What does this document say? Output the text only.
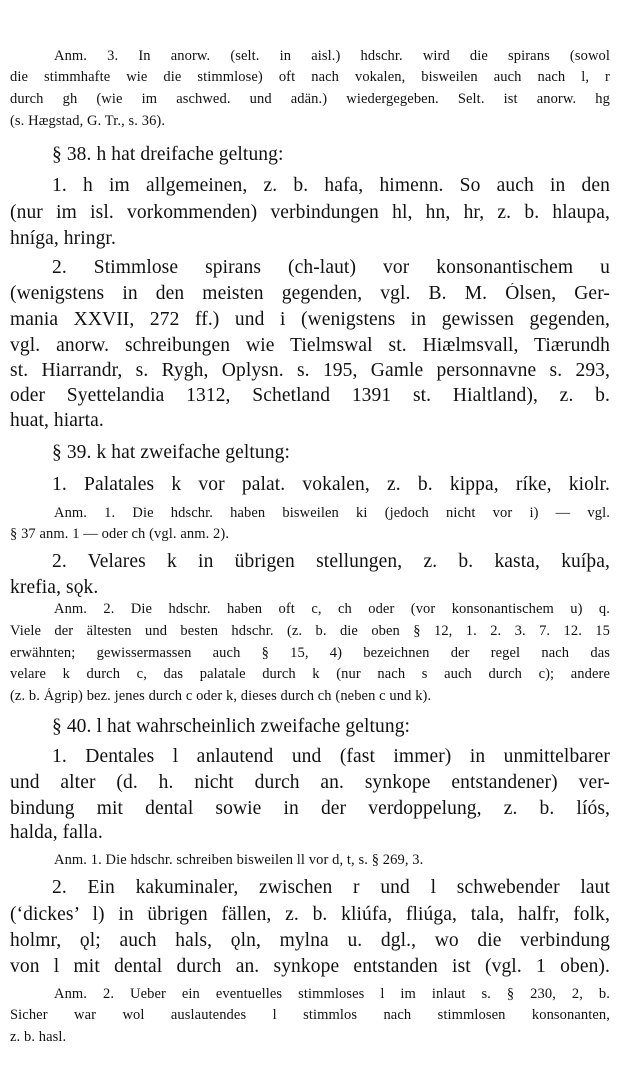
Anm. 3. In anorw. (selt. in aisl.) hdschr. wird die spirans (sowol
die stimmhafte wie die stimmlose) oft nach vokalen, bisweilen auch nach l, r
durch gh (wie im aschwed. und adän.) wiedergegeben. Selt. ist anorw. hg
(s. Hægstad, G. Tr., s. 36).
§ 38. h hat dreifache geltung:
1. h im allgemeinen, z. b. hafa, himenn. So auch in den
(nur im isl. vorkommenden) verbindungen hl, hn, hr, z. b. hlaupa,
hníga, hringr.
2. Stimmlose spirans (ch-laut) vor konsonantischem u
(wenigstens in den meisten gegenden, vgl. B. M. Ólsen, Ger-
mania XXVII, 272 ff.) und i (wenigstens in gewissen gegenden,
vgl. anorw. schreibungen wie Tielmswal st. Hiælmsvall, Tiærundh
st. Hiarrandr, s. Rygh, Oplysn. s. 195, Gamle personnavne s. 293,
oder Syettelandia 1312, Schetland 1391 st. Hialtland), z. b.
huat, hiarta.
§ 39. k hat zweifache geltung:
1. Palatales k vor palat. vokalen, z. b. kippa, ríke, kiolr.
Anm. 1. Die hdschr. haben bisweilen ki (jedoch nicht vor i) — vgl.
§ 37 anm. 1 — oder ch (vgl. anm. 2).
2. Velares k in übrigen stellungen, z. b. kasta, kuíþa,
krefia, sǫk.
Anm. 2. Die hdschr. haben oft c, ch oder (vor konsonantischem u) q.
Viele der ältesten und besten hdschr. (z. b. die oben § 12, 1. 2. 3. 7. 12. 15
erwähnten; gewissermassen auch § 15, 4) bezeichnen der regel nach das
velare k durch c, das palatale durch k (nur nach s auch durch c); andere
(z. b. Ágrip) bez. jenes durch c oder k, dieses durch ch (neben c und k).
§ 40. l hat wahrscheinlich zweifache geltung:
1. Dentales l anlautend und (fast immer) in unmittelbarer
und alter (d. h. nicht durch an. synkope entstandener) ver-
bindung mit dental sowie in der verdoppelung, z. b. líós,
halda, falla.
Anm. 1. Die hdschr. schreiben bisweilen ll vor d, t, s. § 269, 3.
2. Ein kakuminaler, zwischen r und l schwebender laut
(‘dickes’ l) in übrigen fällen, z. b. kliúfa, fliúga, tala, halfr, folk,
holmr, ǫl; auch hals, ǫln, mylna u. dgl., wo die verbindung
von l mit dental durch an. synkope entstanden ist (vgl. 1 oben).
Anm. 2. Ueber ein eventuelles stimmloses l im inlaut s. § 230, 2, b.
Sicher war wol auslautendes l stimmlos nach stimmlosen konsonanten,
z. b. hasl.
